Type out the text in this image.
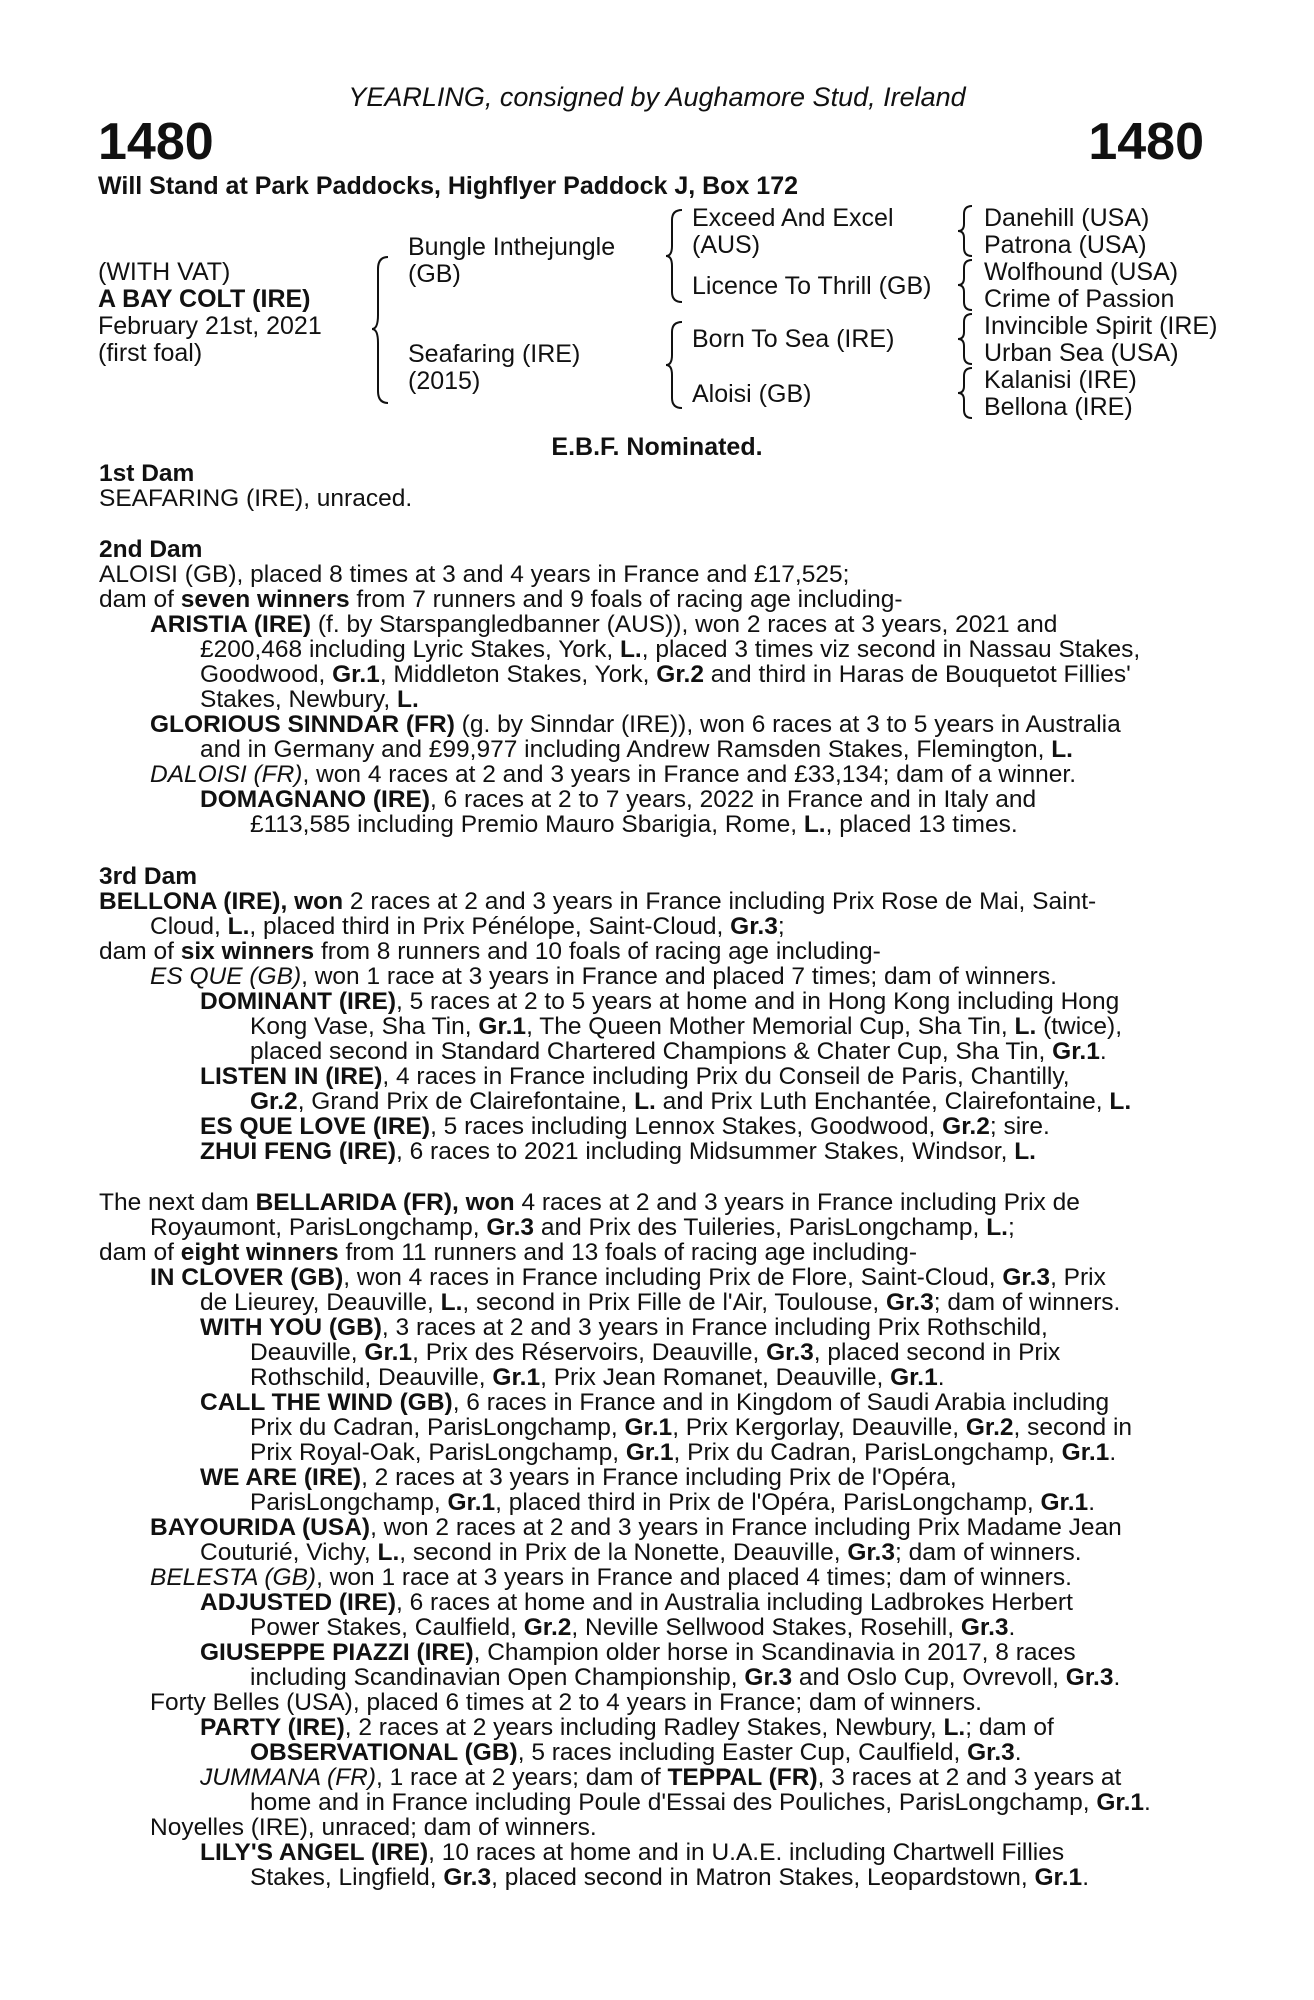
YEARLING, consigned by Aughamore Stud, Ireland
1480	1480
Will Stand at Park Paddocks, Highflyer Paddock J, Box 172
(WITH VAT)
A BAY COLT (IRE)
February 21st, 2021
(first foal)
Bungle Inthejungle
(GB)
Seafaring (IRE)
(2015)
Exceed And Excel
(AUS)
Licence To Thrill (GB)
Born To Sea (IRE)
Aloisi (GB)
Danehill (USA)
Patrona (USA)
Wolfhound (USA)
Crime of Passion
Invincible Spirit (IRE)
Urban Sea (USA)
Kalanisi (IRE)
Bellona (IRE)
E.B.F. Nominated.
1st Dam
SEAFARING (IRE), unraced.
2nd Dam
ALOISI (GB), placed 8 times at 3 and 4 years in France and £17,525;
dam of seven winners from 7 runners and 9 foals of racing age including-
ARISTIA (IRE) (f. by Starspangledbanner (AUS)), won 2 races at 3 years, 2021 and
£200,468 including Lyric Stakes, York, L., placed 3 times viz second in Nassau Stakes,
Goodwood, Gr.1, Middleton Stakes, York, Gr.2 and third in Haras de Bouquetot Fillies'
Stakes, Newbury, L.
GLORIOUS SINNDAR (FR) (g. by Sinndar (IRE)), won 6 races at 3 to 5 years in Australia
and in Germany and £99,977 including Andrew Ramsden Stakes, Flemington, L.
DALOISI (FR), won 4 races at 2 and 3 years in France and £33,134; dam of a winner.
DOMAGNANO (IRE), 6 races at 2 to 7 years, 2022 in France and in Italy and
£113,585 including Premio Mauro Sbarigia, Rome, L., placed 13 times.
3rd Dam
BELLONA (IRE), won 2 races at 2 and 3 years in France including Prix Rose de Mai, Saint-
Cloud, L., placed third in Prix Pénélope, Saint-Cloud, Gr.3;
dam of six winners from 8 runners and 10 foals of racing age including-
ES QUE (GB), won 1 race at 3 years in France and placed 7 times; dam of winners.
DOMINANT (IRE), 5 races at 2 to 5 years at home and in Hong Kong including Hong
Kong Vase, Sha Tin, Gr.1, The Queen Mother Memorial Cup, Sha Tin, L. (twice),
placed second in Standard Chartered Champions & Chater Cup, Sha Tin, Gr.1.
LISTEN IN (IRE), 4 races in France including Prix du Conseil de Paris, Chantilly,
Gr.2, Grand Prix de Clairefontaine, L. and Prix Luth Enchantée, Clairefontaine, L.
ES QUE LOVE (IRE), 5 races including Lennox Stakes, Goodwood, Gr.2; sire.
ZHUI FENG (IRE), 6 races to 2021 including Midsummer Stakes, Windsor, L.
The next dam BELLARIDA (FR), won 4 races at 2 and 3 years in France including Prix de
Royaumont, ParisLongchamp, Gr.3 and Prix des Tuileries, ParisLongchamp, L.;
dam of eight winners from 11 runners and 13 foals of racing age including-
IN CLOVER (GB), won 4 races in France including Prix de Flore, Saint-Cloud, Gr.3, Prix
de Lieurey, Deauville, L., second in Prix Fille de l'Air, Toulouse, Gr.3; dam of winners.
WITH YOU (GB), 3 races at 2 and 3 years in France including Prix Rothschild,
Deauville, Gr.1, Prix des Réservoirs, Deauville, Gr.3, placed second in Prix
Rothschild, Deauville, Gr.1, Prix Jean Romanet, Deauville, Gr.1.
CALL THE WIND (GB), 6 races in France and in Kingdom of Saudi Arabia including
Prix du Cadran, ParisLongchamp, Gr.1, Prix Kergorlay, Deauville, Gr.2, second in
Prix Royal-Oak, ParisLongchamp, Gr.1, Prix du Cadran, ParisLongchamp, Gr.1.
WE ARE (IRE), 2 races at 3 years in France including Prix de l'Opéra,
ParisLongchamp, Gr.1, placed third in Prix de l'Opéra, ParisLongchamp, Gr.1.
BAYOURIDA (USA), won 2 races at 2 and 3 years in France including Prix Madame Jean
Couturié, Vichy, L., second in Prix de la Nonette, Deauville, Gr.3; dam of winners.
BELESTA (GB), won 1 race at 3 years in France and placed 4 times; dam of winners.
ADJUSTED (IRE), 6 races at home and in Australia including Ladbrokes Herbert
Power Stakes, Caulfield, Gr.2, Neville Sellwood Stakes, Rosehill, Gr.3.
GIUSEPPE PIAZZI (IRE), Champion older horse in Scandinavia in 2017, 8 races
including Scandinavian Open Championship, Gr.3 and Oslo Cup, Ovrevoll, Gr.3.
Forty Belles (USA), placed 6 times at 2 to 4 years in France; dam of winners.
PARTY (IRE), 2 races at 2 years including Radley Stakes, Newbury, L.; dam of
OBSERVATIONAL (GB), 5 races including Easter Cup, Caulfield, Gr.3.
JUMMANA (FR), 1 race at 2 years; dam of TEPPAL (FR), 3 races at 2 and 3 years at
home and in France including Poule d'Essai des Pouliches, ParisLongchamp, Gr.1.
Noyelles (IRE), unraced; dam of winners.
LILY'S ANGEL (IRE), 10 races at home and in U.A.E. including Chartwell Fillies
Stakes, Lingfield, Gr.3, placed second in Matron Stakes, Leopardstown, Gr.1.
